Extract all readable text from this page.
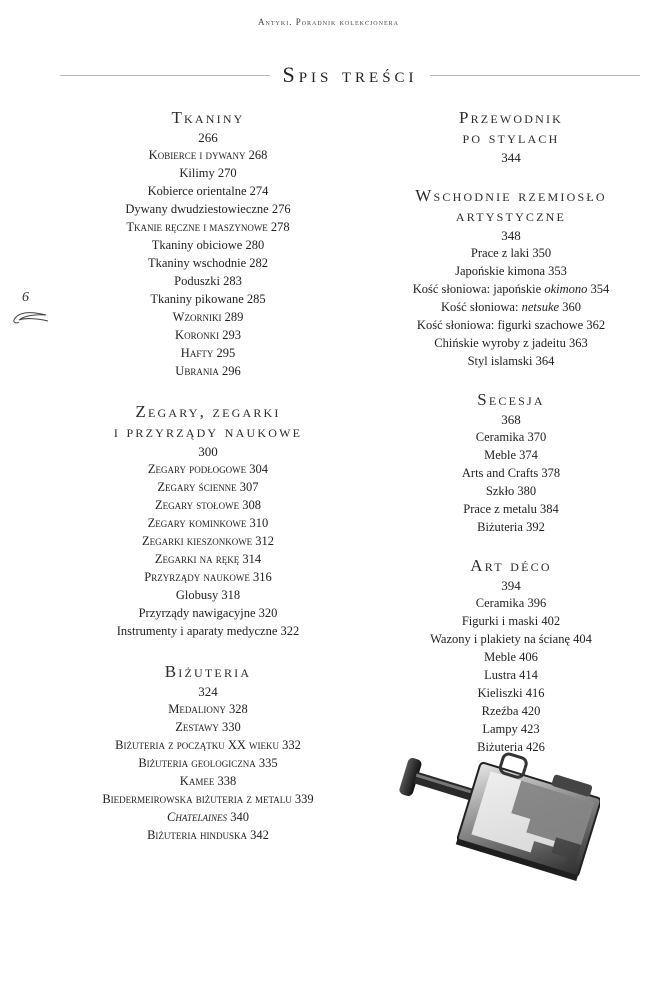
Antyki. Poradnik kolekcjonera
Spis treści
6
Tkaniny
266
Kobierce i dywany 268
Kilimy 270
Kobierce orientalne 274
Dywany dwudziestowieczne 276
Tkanie ręczne i maszynowe 278
Tkaniny obiciowe 280
Tkaniny wschodnie 282
Poduszki 283
Tkaniny pikowane 285
Wzorniki 289
Koronki 293
Hafty 295
Ubrania 296
Zegary, zegarki
i przyrządy naukowe
300
Zegary podłogowe 304
Zegary ścienne 307
Zegary stołowe 308
Zegary kominkowe 310
Zegarki kieszonkowe 312
Zegarki na rękę 314
Przyrządy naukowe 316
Globusy 318
Przyrządy nawigacyjne 320
Instrumenty i aparaty medyczne 322
Biżuteria
324
Medaliony 328
Zestawy 330
Biżuteria z początku XX wieku 332
Biżuteria geologiczna 335
Kamee 338
Biedermeirowska biżuteria z metalu 339
Chatelaines 340
Biżuteria hinduska 342
Przewodnik
po stylach
344
Wschodnie rzemiosło
artystyczne
348
Prace z laki 350
Japońskie kimona 353
Kość słoniowa: japońskie okimono 354
Kość słoniowa: netsuke 360
Kość słoniowa: figurki szachowe 362
Chińskie wyroby z jadeitu 363
Styl islamski 364
Secesja
368
Ceramika 370
Meble 374
Arts and Crafts 378
Szkło 380
Prace z metalu 384
Biżuteria 392
Art déco
394
Ceramika 396
Figurki i maski 402
Wazony i plakiety na ścianę 404
Meble 406
Lustra 414
Kieliszki 416
Rzeźba 420
Lampy 423
Biżuteria 426
